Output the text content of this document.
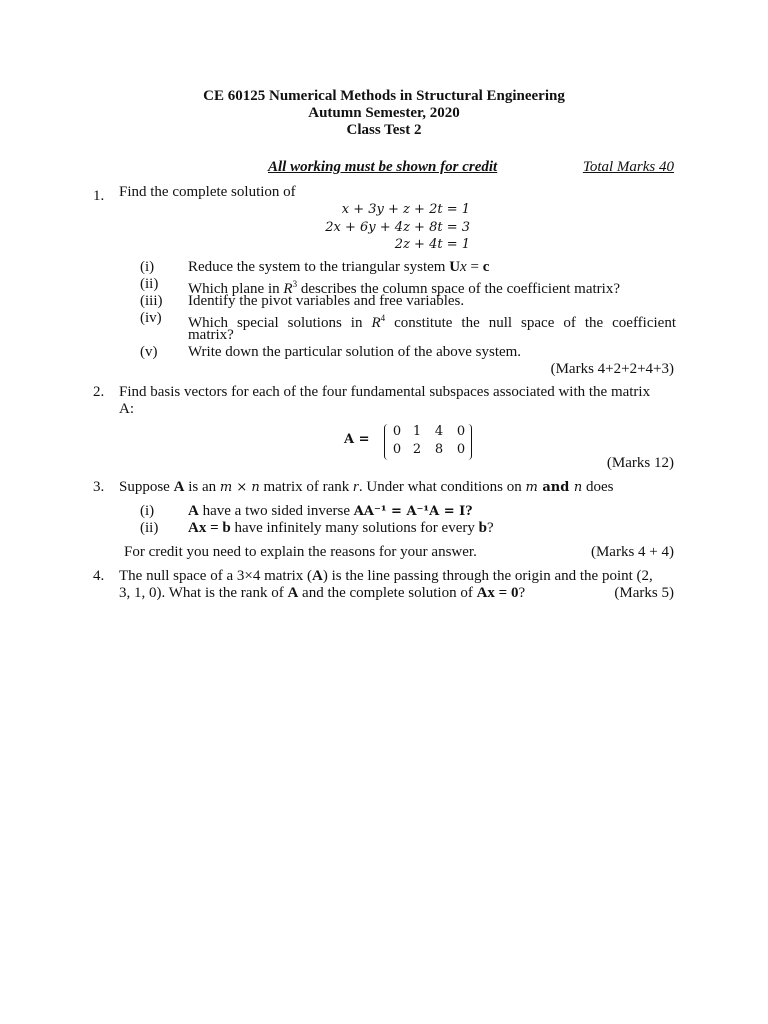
CE 60125 Numerical Methods in Structural Engineering
Autumn Semester, 2020
Class Test 2
All working must be shown for credit	Total Marks 40
1. Find the complete solution of
x + 3y + z + 2t = 1
2x + 6y + 4z + 8t = 3
2z + 4t = 1
(i) Reduce the system to the triangular system Ux = c
(ii) Which plane in $R^3$ describes the column space of the coefficient matrix?
(iii) Identify the pivot variables and free variables.
(iv) Which special solutions in $R^4$ constitute the null space of the coefficient
matrix?
(v) Write down the particular solution of the above system.
(Marks 4+2+2+4+3)
2. Find basis vectors for each of the four fundamental subspaces associated with the matrix
A:
A =
0 1 4 0
0 2 8 0
(Marks 12)
3. Suppose A is an m × n matrix of rank r. Under what conditions on m and n does
(i) A have a two sided inverse AA⁻¹ = A⁻¹A = I?
(ii) Ax = b have infinitely many solutions for every b?
For credit you need to explain the reasons for your answer.	(Marks 4 + 4)
4. The null space of a 3×4 matrix (A) is the line passing through the origin and the point (2,
3, 1, 0). What is the rank of A and the complete solution of Ax = 0?	(Marks 5)
